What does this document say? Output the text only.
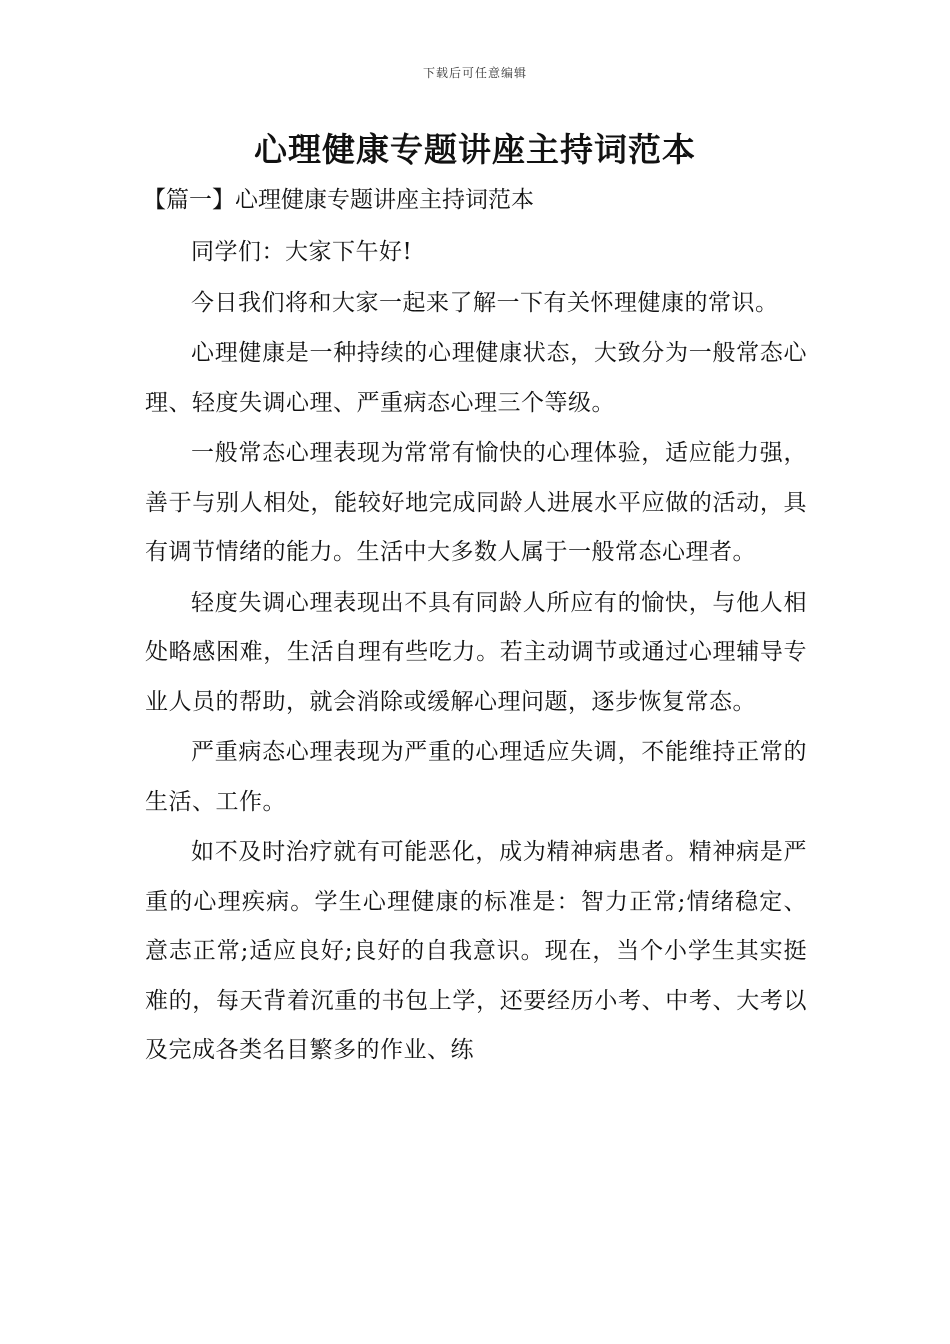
下载后可任意编辑
心理健康专题讲座主持词范本
【篇一】心理健康专题讲座主持词范本

同学们：大家下午好!

今日我们将和大家一起来了解一下有关怀理健康的常识。

心理健康是一种持续的心理健康状态，大致分为一般常态心理、轻度失调心理、严重病态心理三个等级。

一般常态心理表现为常常有愉快的心理体验，适应能力强，善于与别人相处，能较好地完成同龄人进展水平应做的活动，具有调节情绪的能力。生活中大多数人属于一般常态心理者。

轻度失调心理表现出不具有同龄人所应有的愉快，与他人相处略感困难，生活自理有些吃力。若主动调节或通过心理辅导专业人员的帮助，就会消除或缓解心理问题，逐步恢复常态。

严重病态心理表现为严重的心理适应失调，不能维持正常的生活、工作。

如不及时治疗就有可能恶化，成为精神病患者。精神病是严重的心理疾病。学生心理健康的标准是：智力正常;情绪稳定、意志正常;适应良好;良好的自我意识。现在，当个小学生其实挺难的，每天背着沉重的书包上学，还要经历小考、中考、大考以及完成各类名目繁多的作业、练
